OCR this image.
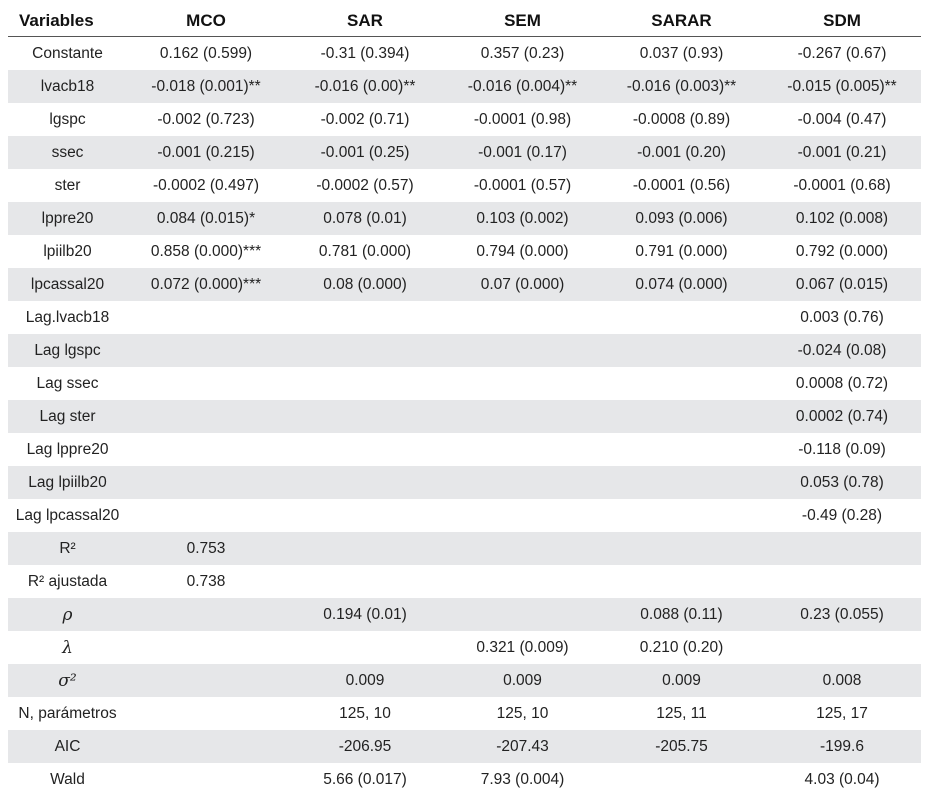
Variables	MCO	SAR	SEM	SARAR	SDM
Constante	0.162 (0.599)	-0.31 (0.394)	0.357 (0.23)	0.037 (0.93)	-0.267 (0.67)
lvacb18	-0.018 (0.001)**	-0.016 (0.00)**	-0.016 (0.004)**	-0.016 (0.003)**	-0.015 (0.005)**
lgspc	-0.002 (0.723)	-0.002 (0.71)	-0.0001 (0.98)	-0.0008 (0.89)	-0.004 (0.47)
ssec	-0.001 (0.215)	-0.001 (0.25)	-0.001 (0.17)	-0.001 (0.20)	-0.001 (0.21)
ster	-0.0002 (0.497)	-0.0002 (0.57)	-0.0001 (0.57)	-0.0001 (0.56)	-0.0001 (0.68)
lppre20	0.084 (0.015)*	0.078 (0.01)	0.103 (0.002)	0.093 (0.006)	0.102 (0.008)
lpiilb20	0.858 (0.000)***	0.781 (0.000)	0.794 (0.000)	0.791 (0.000)	0.792 (0.000)
lpcassal20	0.072 (0.000)***	0.08 (0.000)	0.07 (0.000)	0.074 (0.000)	0.067 (0.015)
Lag.lvacb18					0.003 (0.76)
Lag lgspc					-0.024 (0.08)
Lag ssec					0.0008 (0.72)
Lag ster					0.0002 (0.74)
Lag lppre20					-0.118 (0.09)
Lag lpiilb20					0.053 (0.78)
Lag lpcassal20					-0.49 (0.28)
R²	0.753				
R² ajustada	0.738				
ρ		0.194 (0.01)		0.088 (0.11)	0.23 (0.055)
λ			0.321 (0.009)	0.210 (0.20)	
σ²		0.009	0.009	0.009	0.008
N, parámetros		125, 10	125, 10	125, 11	125, 17
AIC		-206.95	-207.43	-205.75	-199.6
Wald		5.66 (0.017)	7.93 (0.004)		4.03 (0.04)
